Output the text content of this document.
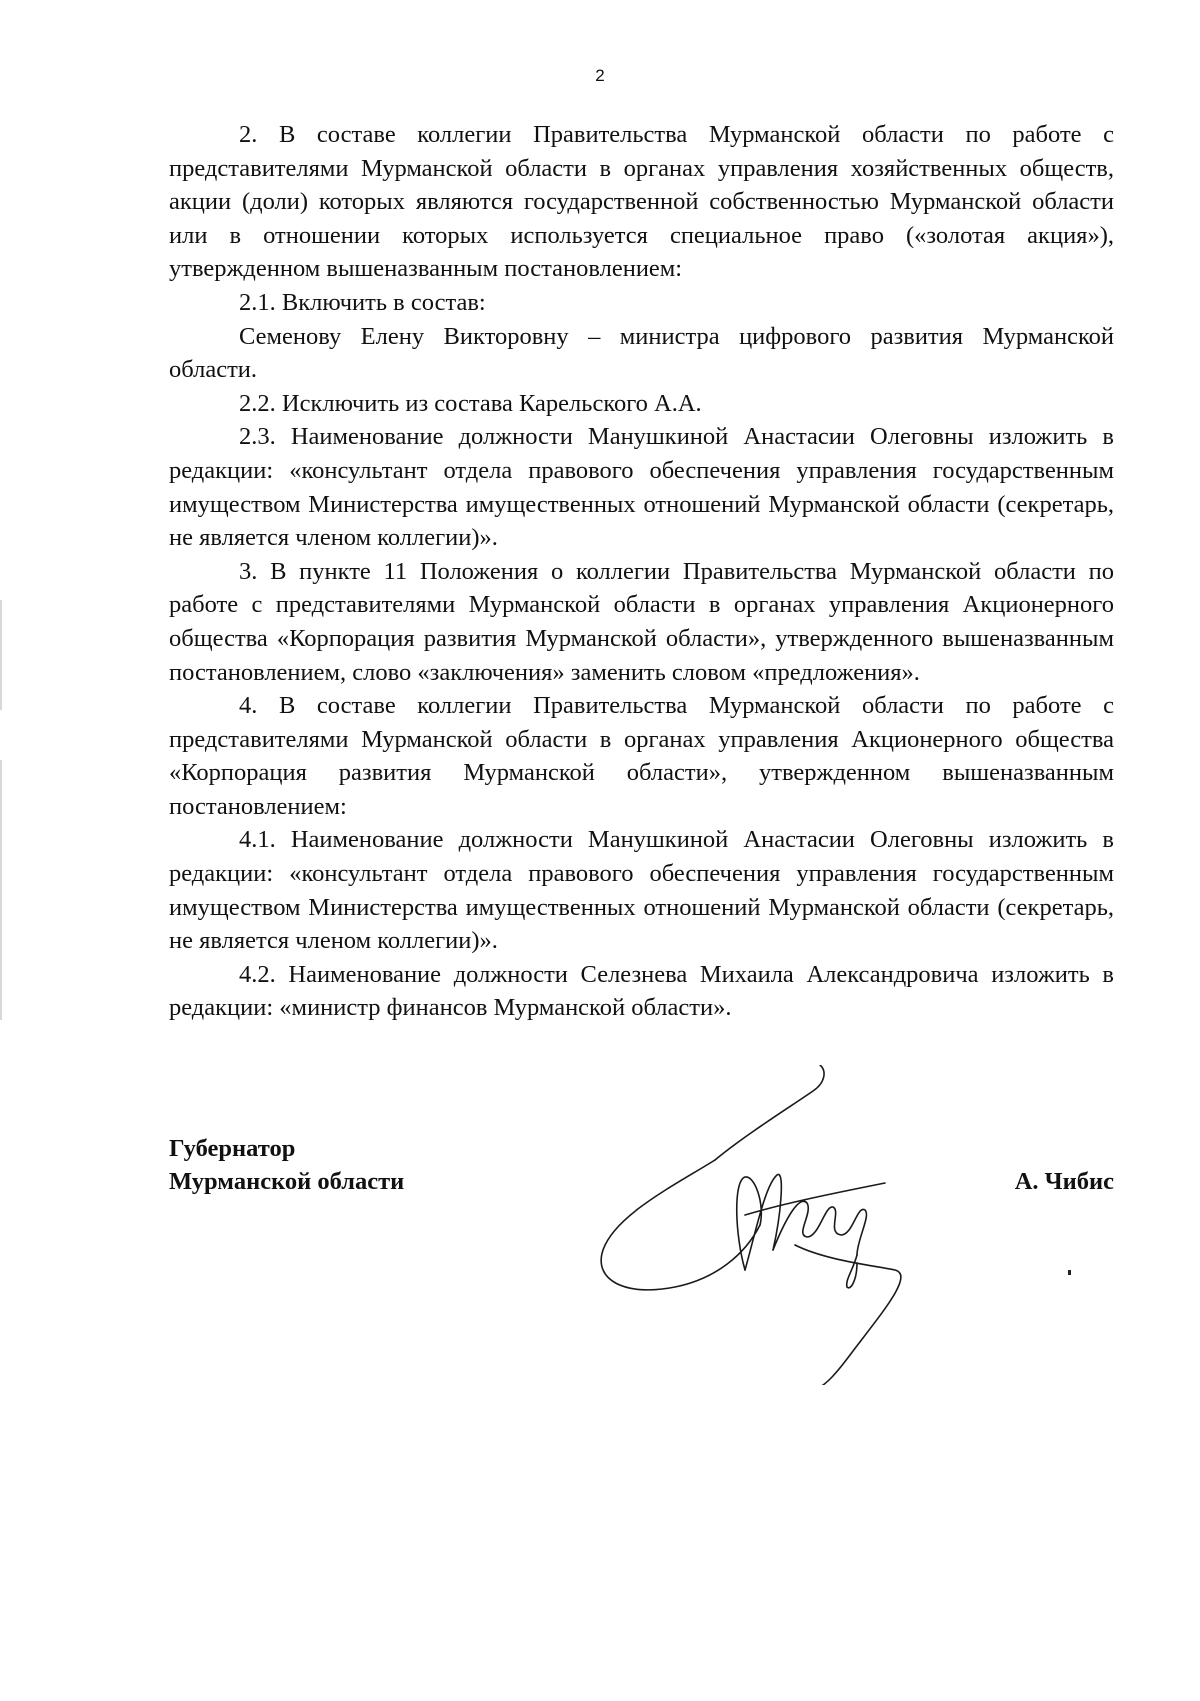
2

2. В составе коллегии Правительства Мурманской области по работе с представителями Мурманской области в органах управления хозяйственных обществ, акции (доли) которых являются государственной собственностью Мурманской области или в отношении которых используется специальное право («золотая акция»), утвержденном вышеназванным постановлением:

2.1. Включить в состав:

Семенову Елену Викторовну – министра цифрового развития Мурманской области.

2.2. Исключить из состава Карельского А.А.

2.3. Наименование должности Манушкиной Анастасии Олеговны изложить в редакции: «консультант отдела правового обеспечения управления государственным имуществом Министерства имущественных отношений Мурманской области (секретарь, не является членом коллегии)».

3. В пункте 11 Положения о коллегии Правительства Мурманской области по работе с представителями Мурманской области в органах управления Акционерного общества «Корпорация развития Мурманской области», утвержденного вышеназванным постановлением, слово «заключения» заменить словом «предложения».

4. В составе коллегии Правительства Мурманской области по работе с представителями Мурманской области в органах управления Акционерного общества «Корпорация развития Мурманской области», утвержденном вышеназванным постановлением:

4.1. Наименование должности Манушкиной Анастасии Олеговны изложить в редакции: «консультант отдела правового обеспечения управления государственным имуществом Министерства имущественных отношений Мурманской области (секретарь, не является членом коллегии)».

4.2. Наименование должности Селезнева Михаила Александровича изложить в редакции: «министр финансов Мурманской области».

Губернатор
Мурманской области	А. Чибис
